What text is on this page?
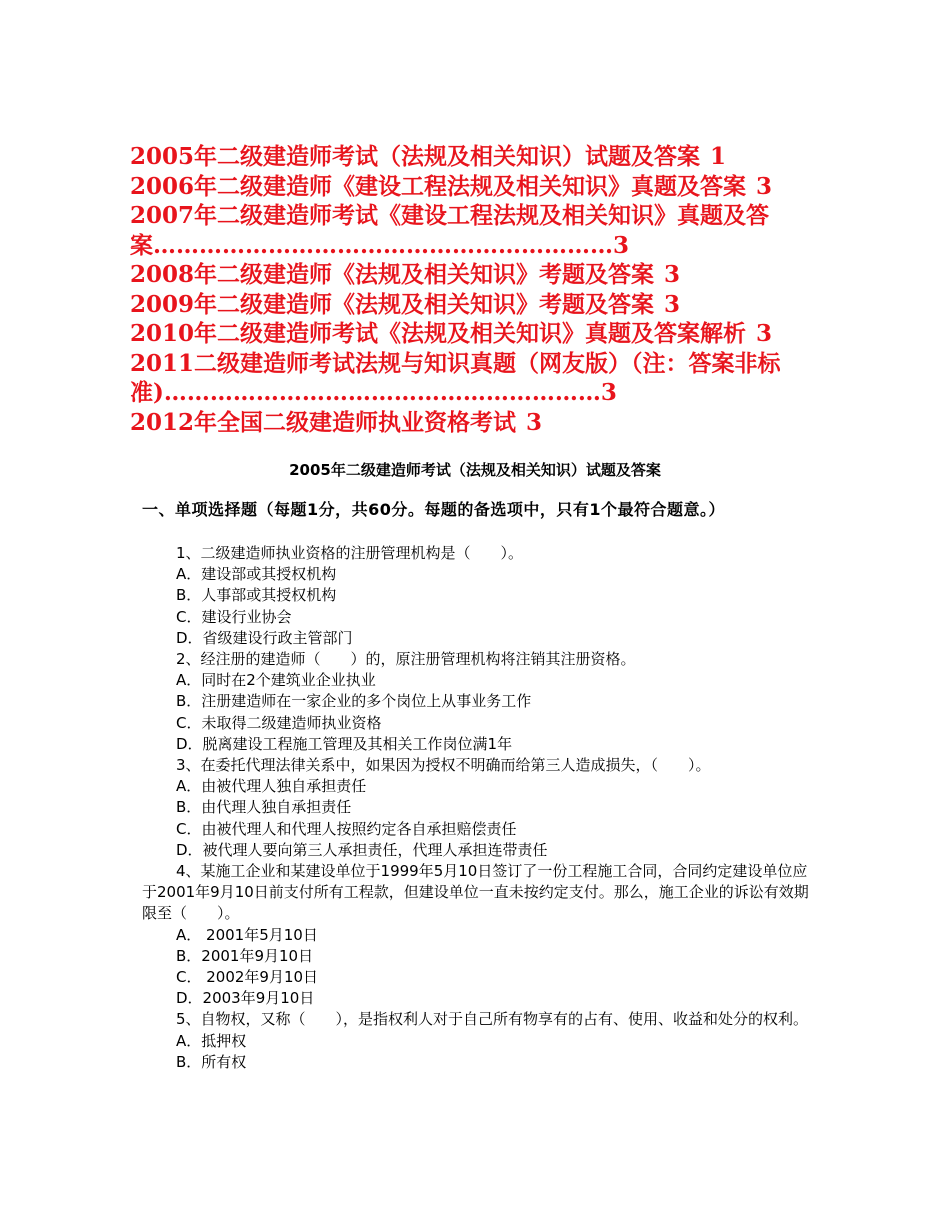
2005年二级建造师考试（法规及相关知识）试题及答案 1
2006年二级建造师《建设工程法规及相关知识》真题及答案 3
2007年二级建造师考试《建设工程法规及相关知识》真题及答案……………………………………………………3
2008年二级建造师《法规及相关知识》考题及答案 3
2009年二级建造师《法规及相关知识》考题及答案 3
2010年二级建造师考试《法规及相关知识》真题及答案解析 3
2011二级建造师考试法规与知识真题（网友版）（注：答案非标准)…………………………………………………3
2012年全国二级建造师执业资格考试 3
2005年二级建造师考试（法规及相关知识）试题及答案
一、单项选择题（每题1分，共60分。每题的备选项中，只有1个最符合题意。）

1、二级建造师执业资格的注册管理机构是（　　）。

A．建设部或其授权机构

B．人事部或其授权机构

C．建设行业协会

D．省级建设行政主管部门

2、经注册的建造师（　　）的，原注册管理机构将注销其注册资格。

A．同时在2个建筑业企业执业

B．注册建造师在一家企业的多个岗位上从事业务工作

C．未取得二级建造师执业资格

D．脱离建设工程施工管理及其相关工作岗位满1年

3、在委托代理法律关系中，如果因为授权不明确而给第三人造成损失，（　　）。

A．由被代理人独自承担责任

B．由代理人独自承担责任

C．由被代理人和代理人按照约定各自承担赔偿责任

D．被代理人要向第三人承担责任，代理人承担连带责任

4、某施工企业和某建设单位于1999年5月10日签订了一份工程施工合同，合同约定建设单位应于2001年9月10日前支付所有工程款，但建设单位一直未按约定支付。那么，施工企业的诉讼有效期限至（　　）。

A． 2001年5月10日

B．2001年9月10日

C． 2002年9月10日

D．2003年9月10日

5、自物权，又称（　　），是指权利人对于自己所有物享有的占有、使用、收益和处分的权利。

A．抵押权

B．所有权
